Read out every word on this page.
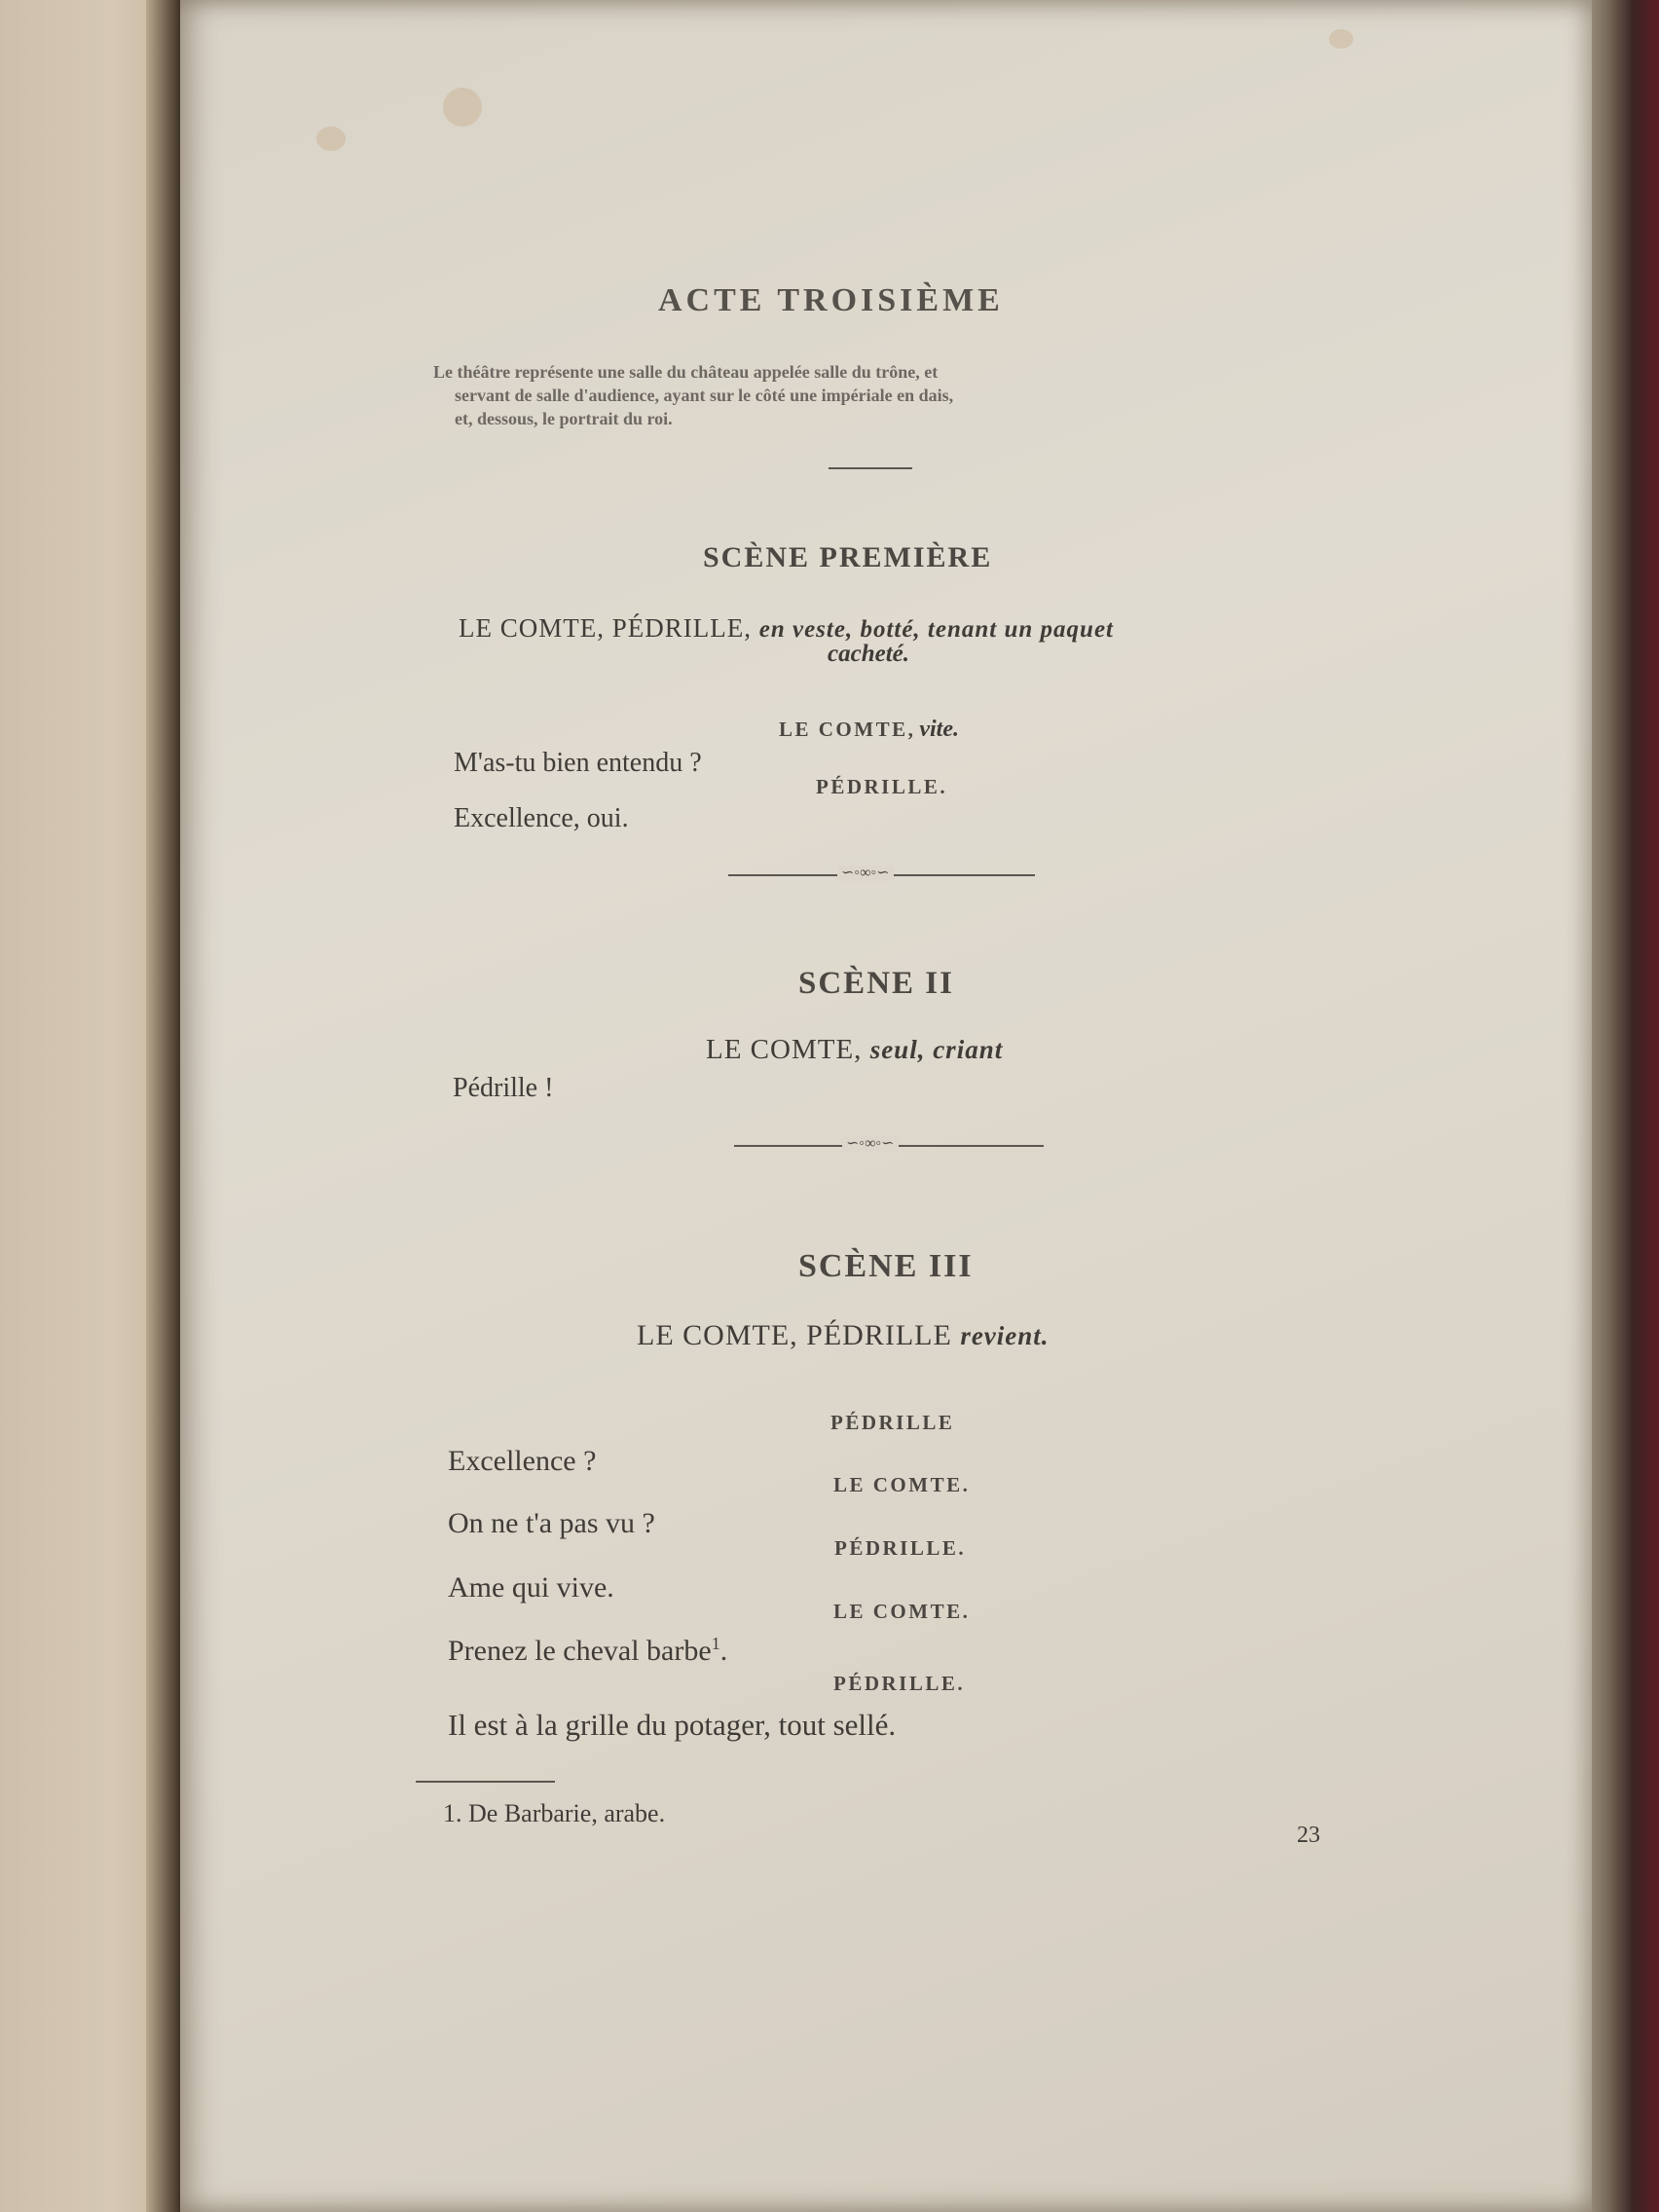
ACTE TROISIÈME
Le théâtre représente une salle du château appelée salle du trône, et
servant de salle d'audience, ayant sur le côté une impériale en dais,
et, dessous, le portrait du roi.
SCÈNE PREMIÈRE
LE COMTE, PÉDRILLE, en veste, botté, tenant un paquet
cacheté.
LE COMTE, vite.
M'as-tu bien entendu ?
PÉDRILLE.
Excellence, oui.
∽◦∞◦∽
SCÈNE II
LE COMTE, seul, criant
Pédrille !
∽◦∞◦∽
SCÈNE III
LE COMTE, PÉDRILLE revient.
PÉDRILLE
Excellence ?
LE COMTE.
On ne t'a pas vu ?
PÉDRILLE.
Ame qui vive.
LE COMTE.
Prenez le cheval barbe$^1$.
PÉDRILLE.
Il est à la grille du potager, tout sellé.
1. De Barbarie, arabe.
23
